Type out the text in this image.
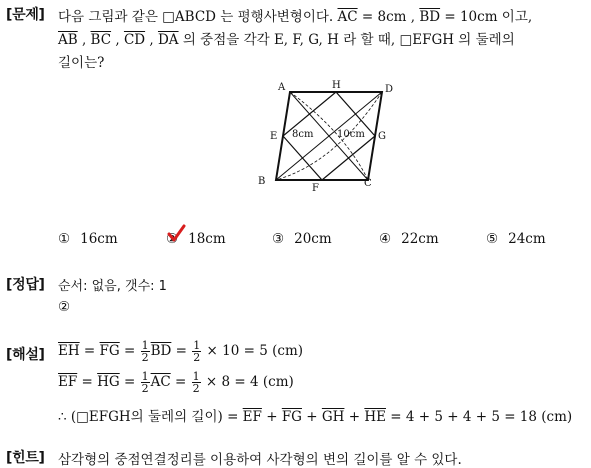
[문제] 다음 그림과 같은 □ABCD 는 평행사변형이다. $\overline{AC} = 8cm$ , $\overline{BD} = 10cm$ 이고,
$\overline{AB}$ , $\overline{BC}$ , $\overline{CD}$ , $\overline{DA}$ 의 중점을 각각 E, F, G, H 라 할 때, □EFGH 의 둘레의
길이는?
A	H	D
E	G
B
F	C
8cm 10cm
① 16cm	② 18cm	③ 20cm	④ 22cm	⑤ 24cm
[정답] 순서: 없음, 갯수: 1
②
[해설] $\overline{EH} = \overline{FG} = \frac{1}{2} \overline{BD} = \frac{1}{2} \times 10 = 5$ (cm)
$\overline{EF} = \overline{HG} = \frac{1}{2} \overline{AC} = \frac{1}{2} \times 8 = 4$ (cm)
∴ (□EFGH의 둘레의 길이) = $\overline{EF} + \overline{FG} + \overline{GH} + \overline{HE} = 4 + 5 + 4 + 5 = 18$ (cm)
[힌트] 삼각형의 중점연결정리를 이용하여 사각형의 변의 길이를 알 수 있다.
